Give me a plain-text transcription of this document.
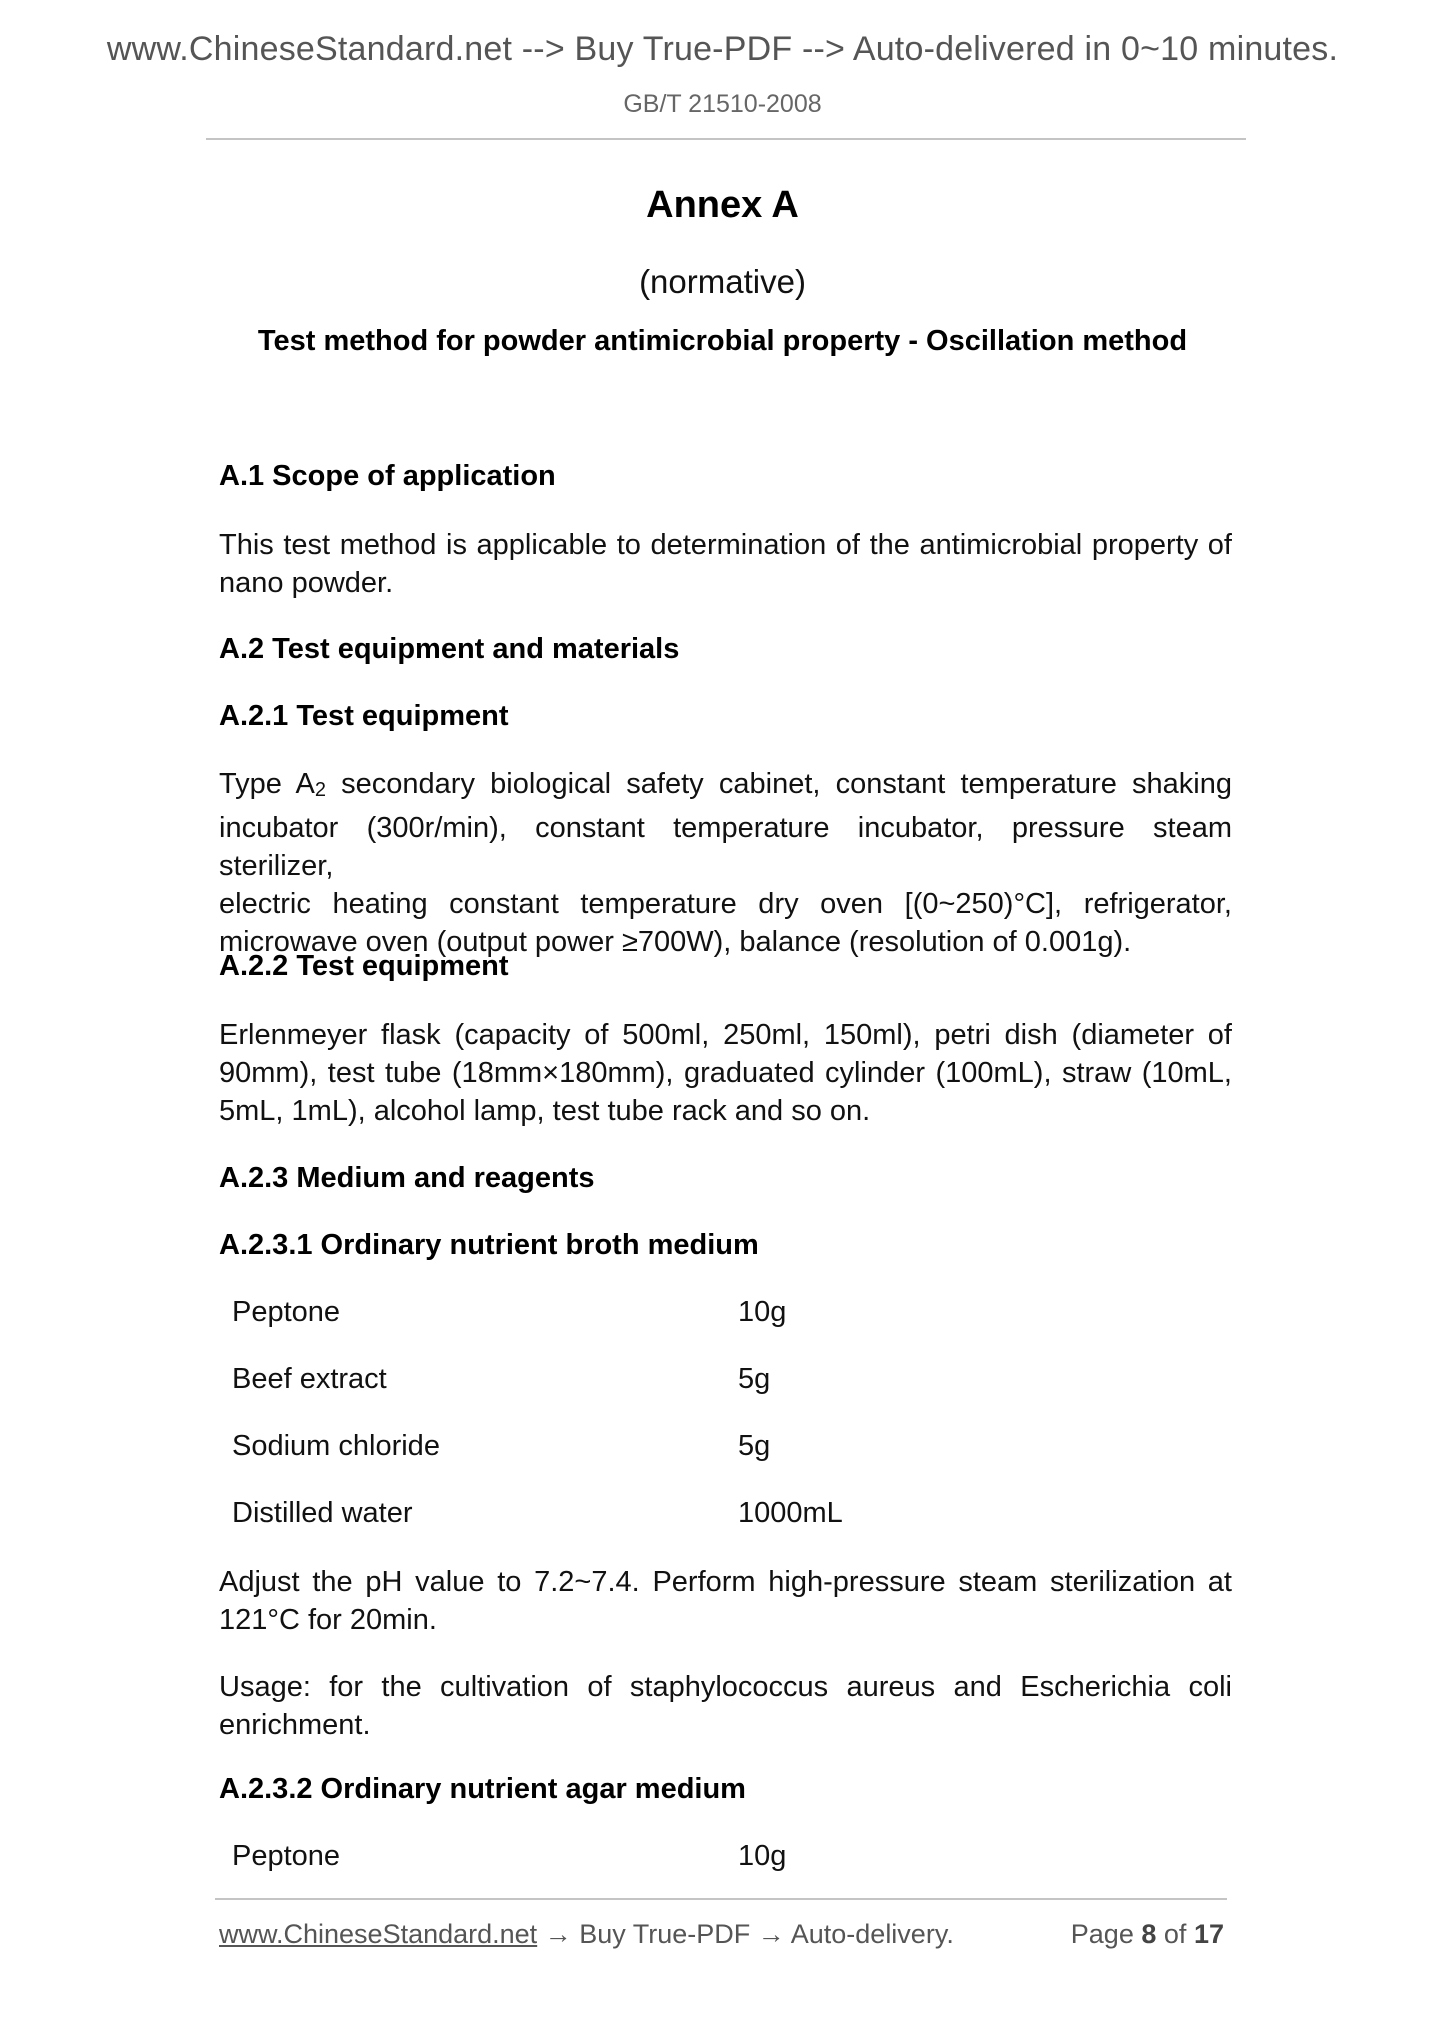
www.ChineseStandard.net --> Buy True-PDF --> Auto-delivered in 0~10 minutes.
GB/T 21510-2008
Annex A
(normative)
Test method for powder antimicrobial property - Oscillation method
A.1 Scope of application
This test method is applicable to determination of the antimicrobial property of
nano powder.
A.2 Test equipment and materials
A.2.1 Test equipment
Type $A_2$ secondary biological safety cabinet, constant temperature shaking
incubator (300r/min), constant temperature incubator, pressure steam sterilizer,
electric heating constant temperature dry oven [(0~250)°C], refrigerator,
microwave oven (output power ≥700W), balance (resolution of 0.001g).
A.2.2 Test equipment
Erlenmeyer flask (capacity of 500ml, 250ml, 150ml), petri dish (diameter of
90mm), test tube (18mm×180mm), graduated cylinder (100mL), straw (10mL,
5mL, 1mL), alcohol lamp, test tube rack and so on.
A.2.3 Medium and reagents
A.2.3.1 Ordinary nutrient broth medium
Peptone	10g
Beef extract	5g
Sodium chloride	5g
Distilled water	1000mL
Adjust the pH value to 7.2~7.4. Perform high-pressure steam sterilization at
121°C for 20min.
Usage: for the cultivation of staphylococcus aureus and Escherichia coli
enrichment.
A.2.3.2 Ordinary nutrient agar medium
Peptone	10g
www.ChineseStandard.net → Buy True-PDF → Auto-delivery.	Page 8 of 17
